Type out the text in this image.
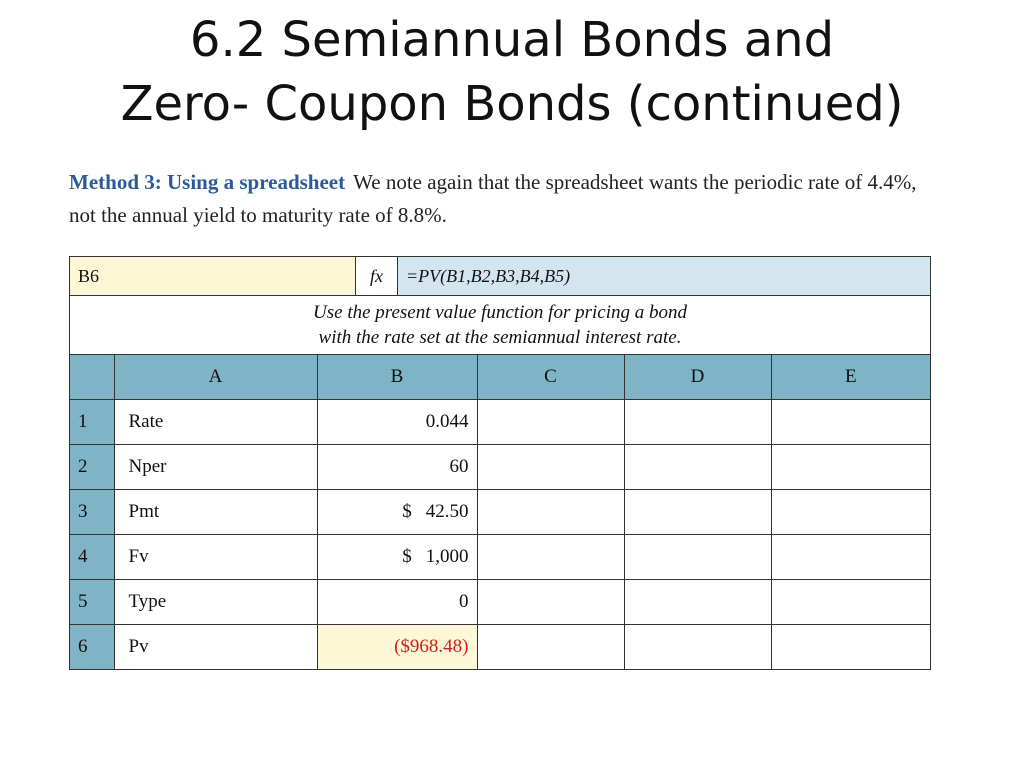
6.2 Semiannual Bonds and
Zero- Coupon Bonds (continued)
Method 3: Using a spreadsheet We note again that the spreadsheet wants the periodic rate of 4.4%, not the annual yield to maturity rate of 8.8%.
B6	fx	=PV(B1,B2,B3,B4,B5)
Use the present value function for pricing a bond
with the rate set at the semiannual interest rate.
	A	B	C	D	E
1	Rate	0.044			
2	Nper	60			
3	Pmt	$ 42.50			
4	Fv	$ 1,000			
5	Type	0			
6	Pv	($968.48)			
